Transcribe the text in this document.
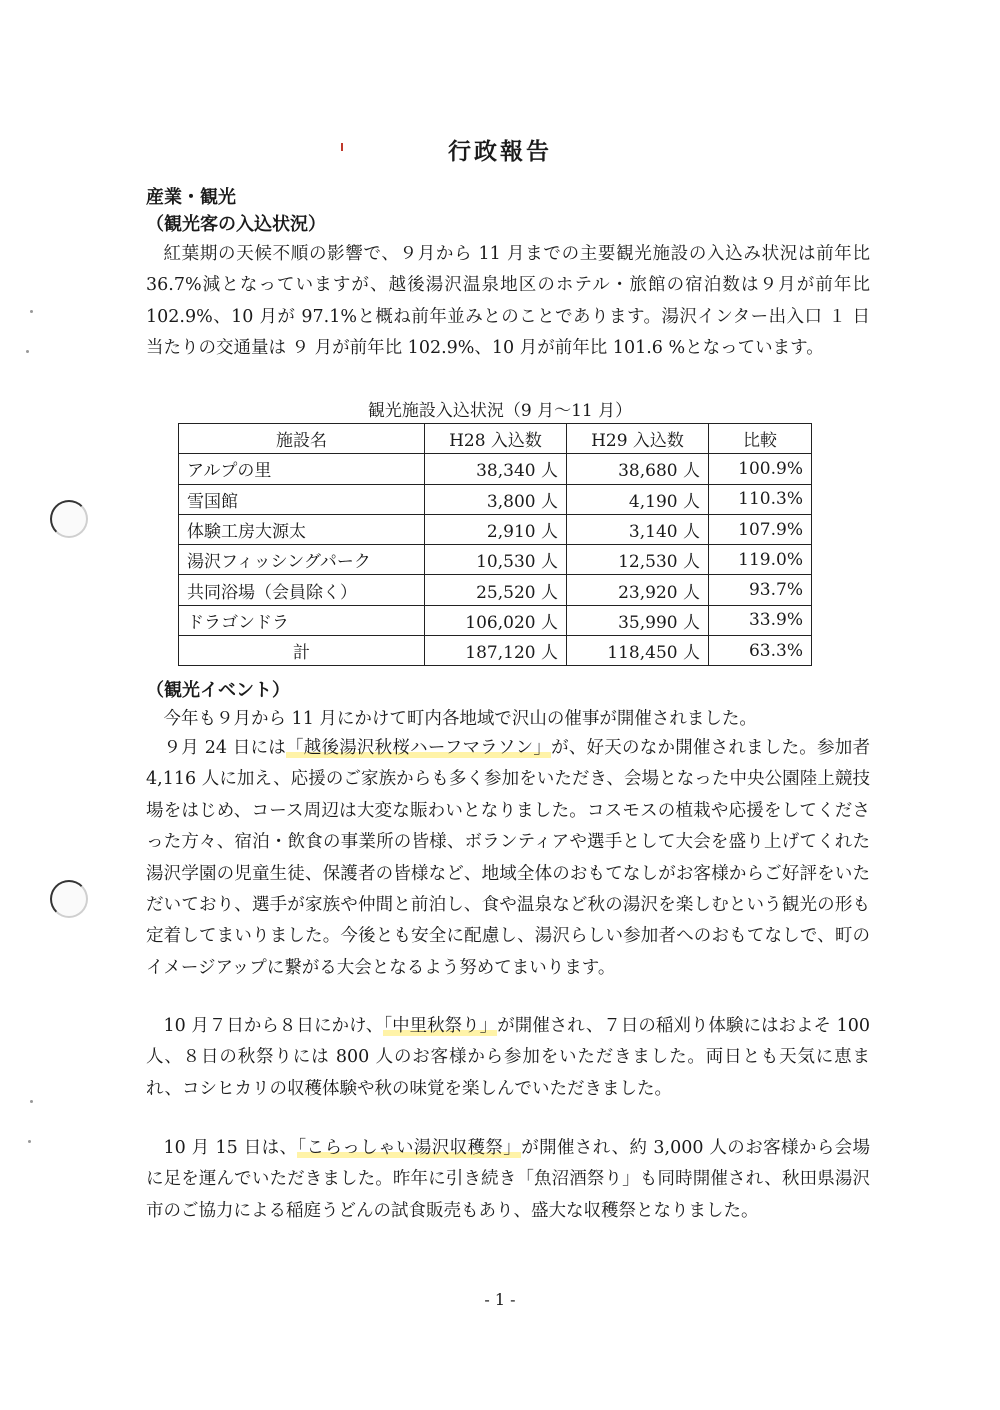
行政報告
産業・観光
（観光客の入込状況）

紅葉期の天候不順の影響で、９月から 11 月までの主要観光施設の入込み状況は前年比 36.7%減となっていますが、越後湯沢温泉地区のホテル・旅館の宿泊数は９月が前年比 102.9%、10 月が 97.1%と概ね前年並みとのことであります。湯沢インター出入口 １ 日当たりの交通量は ９ 月が前年比 102.9%、10 月が前年比 101.6 %となっています。

観光施設入込状況（9 月～11 月）
施設名	H28 入込数	H29 入込数	比較
アルプの里	38,340 人	38,680 人	100.9%
雪国館	3,800 人	4,190 人	110.3%
体験工房大源太	2,910 人	3,140 人	107.9%
湯沢フィッシングパーク	10,530 人	12,530 人	119.0%
共同浴場（会員除く）	25,520 人	23,920 人	93.7%
ドラゴンドラ	106,020 人	35,990 人	33.9%
計	187,120 人	118,450 人	63.3%
（観光イベント）

今年も９月から 11 月にかけて町内各地域で沢山の催事が開催されました。

９月 24 日には「越後湯沢秋桜ハーフマラソン」が、好天のなか開催されました。参加者 4,116 人に加え、応援のご家族からも多く参加をいただき、会場となった中央公園陸上競技場をはじめ、コース周辺は大変な賑わいとなりました。コスモスの植栽や応援をしてくださった方々、宿泊・飲食の事業所の皆様、ボランティアや選手として大会を盛り上げてくれた湯沢学園の児童生徒、保護者の皆様など、地域全体のおもてなしがお客様からご好評をいただいており、選手が家族や仲間と前泊し、食や温泉など秋の湯沢を楽しむという観光の形も定着してまいりました。今後とも安全に配慮し、湯沢らしい参加者へのおもてなしで、町のイメージアップに繋がる大会となるよう努めてまいります。

10 月７日から８日にかけ、「中里秋祭り」が開催され、７日の稲刈り体験にはおよそ 100 人、８日の秋祭りには 800 人のお客様から参加をいただきました。両日とも天気に恵まれ、コシヒカリの収穫体験や秋の味覚を楽しんでいただきました。

10 月 15 日は、「こらっしゃい湯沢収穫祭」が開催され、約 3,000 人のお客様から会場に足を運んでいただきました。昨年に引き続き「魚沼酒祭り」も同時開催され、秋田県湯沢市のご協力による稲庭うどんの試食販売もあり、盛大な収穫祭となりました。

- 1 -
